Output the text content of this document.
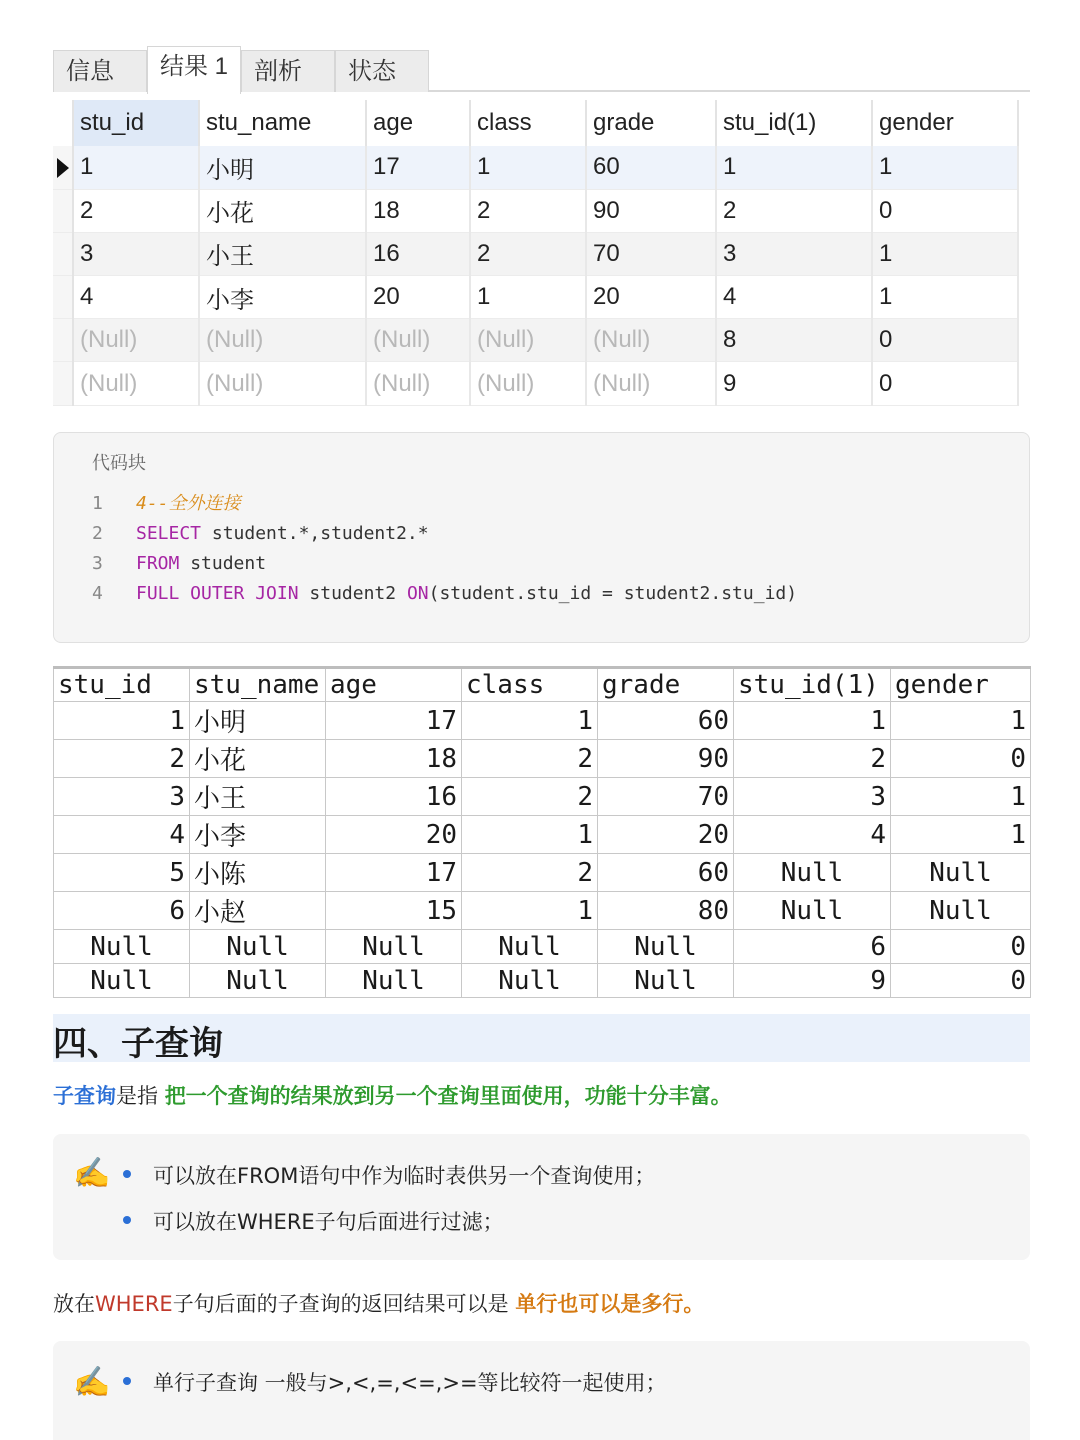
信息	结果 1	剖析	状态
	stu_id	stu_name	age	class	grade	stu_id(1)	gender

	1	小明	17	1	60	1	1
	2	小花	18	2	90	2	0
	3	小王	16	2	70	3	1
	4	小李	20	1	20	4	1
	(Null)	(Null)	(Null)	(Null)	(Null)	8	0
	(Null)	(Null)	(Null)	(Null)	(Null)	9	0
代码块
1 4--全外连接
2 SELECT student.*,student2.*
3 FROM student
4 FULL OUTER JOIN student2 ON(student.stu_id = student2.stu_id)
stu_id	stu_name	age	class	grade	stu_id(1)	gender
1	小明	17	1	60	1	1
2	小花	18	2	90	2	0
3	小王	16	2	70	3	1
4	小李	20	1	20	4	1
5	小陈	17	2	60	Null	Null
6	小赵	15	1	80	Null	Null
Null	Null	Null	Null	Null	6	0
Null	Null	Null	Null	Null	9	0
四、子查询
子查询是指 把一个查询的结果放到另一个查询里面使用，功能十分丰富。
✍️ 可以放在FROM语句中作为临时表供另一个查询使用；
可以放在WHERE子句后面进行过滤；
放在WHERE子句后面的子查询的返回结果可以是 单行也可以是多行。
✍️ 单行子查询 一般与>,<,=,<=,>=等比较符一起使用；
